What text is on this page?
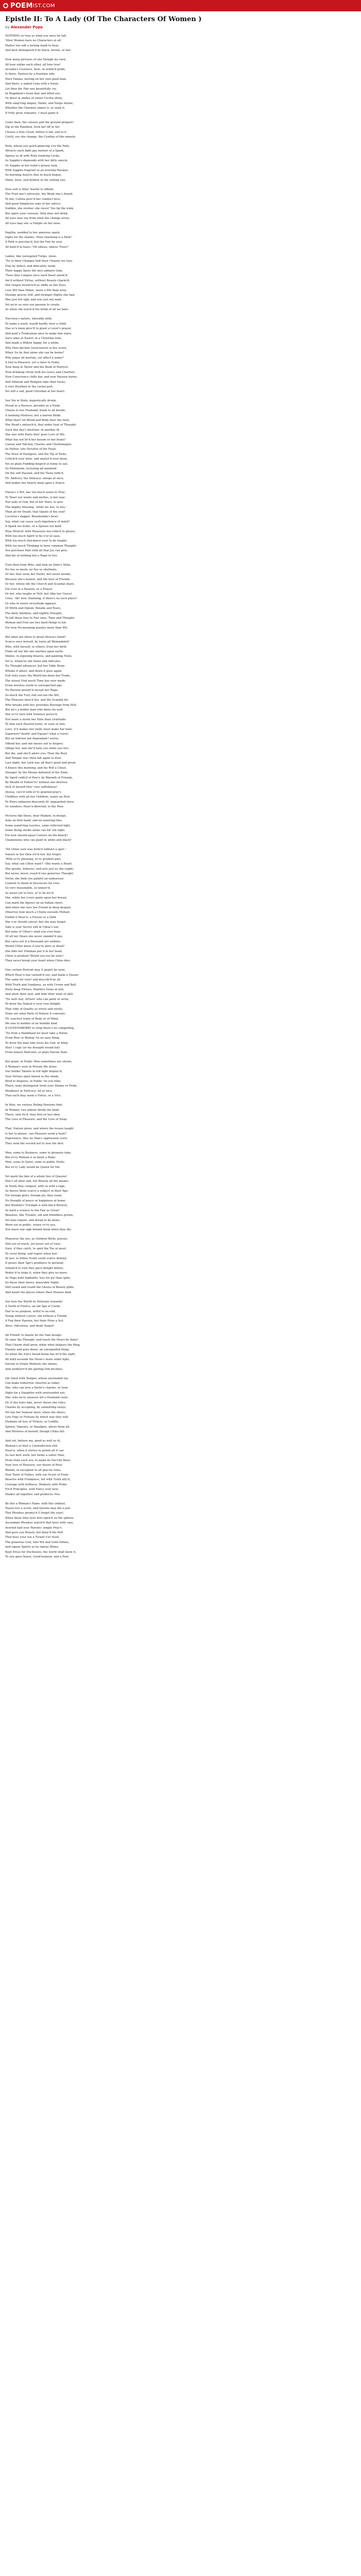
POEM IST.COM
Epistle II: To A Lady (Of The Characters Of Women )

by Alexander Pope

NOTHING so true as what you once let fall,
'Most Women have no Characters at all.'
Matter too soft a lasting mark to bear,
And best distinguish'd by black, brown, or fair.

How many pictures of one Nymph we view,
All how unlike each other, all how true!
Arcadia's Countess, here, in ermin'd pride,
Is there, Pastora by a fountain side.
Here Fannia, leering on her own good man,
And there, a naked Leda with a Swan.
Let then the Fair one beautifully cry,
In Magdalen's loose hair and lifted eye,
Or drest in smiles of sweet Cecilia shine,
With simp'ring Angels, Palms, and Harps divine;
Whether the Charmer sinner it, or saint it,
If Folly grow romantic, I must paint it.

Come then, the colours and the ground prepare!
Dip in the Rainbow, trick her off in Air;
Choose a firm Cloud, before it fall, and in it
Catch, ere she change, the Cynthia of this minute.

Rufa, whose eye quick-glancing o'er the Park,
Attracts each light gay meteor of a Spark,
Agrees as ill with Rufa studying Locke,
As Sappho's diamonds with her dirty smock;
Or Sappho at her toilet's greasy task,
With Sappho fragrant at an evening Masque:
So morning Insects that in muck begun,
Shine, buzz, and flyblow in the setting sun.

How soft is Silia! fearful to offend;
The Frail one's advocate, the Weak one's friend:
To her, Calista prov'd her conduct nice;
And good Simplicius asks of her advice.
Sudden, she storms! she raves! You tip the wink,
But spare your censure; Silia does not drink.
All eyes may see from what the change arose,
All eyes may see--a Pimple on her nose.

Papillia, wedded to her amorous spark,
Sighs for the shades--'How charming is a Park!'
A Park is purchas'd, but the Fair he sees
All bath'd in tears--'Oh odious, odious Trees!'

Ladies, like variegated Tulips, show;
'Tis to their Changes half their Charms we owe;
Fine by defect, and delicately weak,
Their happy Spots the nice admirer take,
'Twas thus Calypso once each heart alarm'd,
Aw'd without Virtue, without Beauty charm'd;
Her tongue bewitch'd as oddly as her Eyes,
Less Wit than Mimic, more a Wit than wise;
Strange graces still, and stranger flights she had,
Was just not ugly, and was just not mad;
Yet ne'er so sure our passion to create,
As when she touch'd the brink of all we hate.

Narcissa's nature, tolerably mild,
To make a wash, would hardly stew a child;
Has ev'n been prov'd to grant a Lover's prayer,
And paid a Tradesman once to make him stare;
Gave alms at Easter, in a Christian trim,
And made a Widow happy, for a whim.
Why then declare Good-nature is her scorn,
When 'tis by that alone she can be borne?
Why pique all mortals, yet affect a name?
A fool to Pleasure, yet a slave to Fame:
Now deep in Taylor and the Book of Martyrs,
Now drinking citron with his Grace and Chartres:
Now Conscience chills her, and now Passion burns;
And Atheism and Religion take their turns;
A very Heathen in the carnal part,
Yet still a sad, good Christian at her heart.

See Sin in State, majestically drunk;
Proud as a Peeress, prouder as a Punk;
Chaste to her Husband, frank to all beside,
A teeming Mistress, but a barren Bride.
What then? let Blood and Body bear the fault,
Her Head's untouch'd, that noble Seat of Thought:
Such this day's doctrine--in another fit
She sins with Poets thro' pure Love of Wit.
What has not fir'd her bosom or her brain?
Caesar and Tall-boy, Charles and Charlemagne.
As Helluo, late Dictator of the Feast,
The Nose of Hautgout, and the Tip of Taste,
Critick'd your wine, and analyz'd your meat,
Yet on plain Pudding deign'd at home to eat;
So Philomede, lecturing all mankind
On the soft Passion, and the Taste refin'd,
Th' Address, the Delicacy--stoops at once,
And makes her hearty meal upon a Dunce.

Flavia's a Wit, has too much sense to Pray;
To Toast our wants and wishes, is her way;
Nor asks of God, but of her Stars, to give
The mighty blessing, 'while we live, to live.'
Then all for Death, that Opiate of the soul!
Lucretia's dagger, Rosamonda's bowl.
Say, what can cause such impotence of mind?
A Spark too fickle, or a Spouse too kind.
Wise Wretch! with Pleasures too refin'd to please,
With too much Spirit to be e'er at ease,
With too much Quickness ever to be taught,
With too much Thinking to have common Thought:
You purchase Pain with all that Joy can give,
And die of nothing but a Rage to live.

Turn then from Wits; and look on Simo's Mate,
No Ass so meek, no Ass so obstinate.
Or her, that owns her Faults, but never mends,
Because she's honest, and the best of Friends.
Or her, whose life the Church and Scandal share,
For ever in a Passion, or a Prayer.
Or her, who laughs at Hell, but (like her Grace)
Cries, 'Ah! how charming, if there's no such place!'
Or who in sweet vicissitude appears
Of Mirth and Opium, Ratafie and Tears,
The daily Anodyne, and nightly Draught,
To kill those foes to Fair ones, Time and Thought.
Woman and Fool are two hard things to hit;
For true No-meaning puzzles more than Wit.

But what are these to great Atossa's mind?
Scarce once herself, by turns all Womankind!
Who, with herself, or others, from her birth
Finds all her life one warfare upon earth:
Shines, in exposing Knaves, and painting Fools,
Yet is, whate'er she hates and ridicules.
No Thought advances, but her Eddy Brain
Whisks it about, and down it goes again.
Full sixty years the World has been her Trade,
The wisest Fool much Time has ever made.
From loveless youth to unrespected age,
No Passion gratify'd except her Rage.
So much the Fury still out-ran the Wit,
The Pleasure miss'd her, and the Scandal hit.
Who breaks with her, provokes Revenge from Hell,
But he's a bolder man who dares be well.
Her ev'ry turn with Violence pursu'd,
Nor more a storm her Hate than Gratitude:
To that each Passion turns, or soon or late;
Love, if it makes her yield, must make her hate:
Superiors? death! and Equals? what a curse!
But an Inferior not dependant? worse.
Offend her, and she knows not to forgive;
Oblige her, and she'll hate you while you live:
But die, and she'll adore you--Then the Bust
And Temple rise--then fall again to dust.
Last night, her Lord was all that's good and great;
A Knave this morning, and his Will a Cheat.
Strange! by the Means defeated of the Ends,
By Spirit robb'd of Pow'r, by Warmth of Friends,
By Wealth of Follow'rs! without one distress
Sick of herself thro' very selfishness!
Atossa, curs'd with ev'ry granted pray'r,
Childless with all her Children, wants an Heir.
To Heirs unknown descends th' unguarded store,
Or wanders, Heav'n-directed, to the Poor.

Pictures like these, dear Madam, to design,
Asks no firm hand, and no unerring line;
Some wand'ring touches, some reflected light,
Some flying stroke alone can hit 'em right:
For how should equal Colours do the knack?
Chameleons who can paint in white and black?

'Yet Chloe sure was form'd without a spot--'
Nature in her then err'd not, but forgot.
'With ev'ry pleasing, ev'ry prudent part,
Say, what can Chloe want?'--She wants a Heart.
She speaks, behaves, and acts just as she ought;
But never, never, reach'd one generous Thought.
Virtue she finds too painful an endeavour,
Content to dwell in Decencies for ever.
So very reasonable, so unmov'd,
As never yet to love, or to be lov'd.
She, while her Lover pants upon her breast,
Can mark the figures on an Indian chest;
And when she sees her Friend in deep despair,
Observes how much a Chintz exceeds Mohair.
Forbid it Heav'n, a Favour or a Debt
She e'er should cancel--but she may forget.
Safe is your Secret still in Chloe's ear;
But none of Chloe's shall you ever hear.
Of all her Dears she never slander'd one,
But cares not if a thousand are undone.
Would Chloe know if you're alive or dead?
She bids her Footman put it in her head.
Chloe is prudent--Would you too be wise?
Then never break your heart when Chloe dies.

One certain Portrait may (I grant) be seen,
Which Heav'n has varnish'd out, and made a Queen:
The same for ever! and describ'd by all
With Truth and Goodness, as with Crown and Ball.
Poets heap Virtues, Painters Gems at will,
And show their zeal, and hide their want of skill.
'Tis well--but, Artists! who can paint or write,
To draw the Naked is your true delight.
That robe of Quality so struts and swells,
None see what Parts of Nature it conceals:
Th' exactest traits of Body or of Mind,
We owe to models of an humble kind.
If QUEENSBERRY to strip there's no compelling,
'Tis from a Handmaid we must take a Helen.
From Peer or Bishop 'tis no easy thing
To draw the man who loves his God, or King:
Alas! I copy (or my draught would fail)
From honest Mah'met, or plain Parson Hale.

But grant, in Public Men sometimes are shown,
A Woman's seen in Private life alone:
Our bolder Talents in full light display'd;
Your Virtues open fairest in the shade.
Bred to disguise, in Public 'tis you hide;
There, none distinguish twixt your Shame or Pride,
Weakness or Delicacy; all so nice,
That each may seem a Virtue, or a Vice.

In Men, we various Ruling Passions find;
In Women, two almost divide the kind;
Those, only fix'd, they first or last obey,
The Love of Pleasure, and the Love of Sway.

That, Nature gives; and where the lesson taught
Is but to please, can Pleasure seem a fault?
Experience, this; by Man's oppression curst,
They seek the second not to lose the first.

Men, some to Business, some to pleasure take;
But ev'ry Woman is at heart a Rake:
Men, some to Quiet, some to public Strife;
But ev'ry Lady would be Queen for life.

Yet mark the fate of a whole Sex of Queens!
Pow'r all their end, but Beauty all the means:
In Youth they conquer, with so wild a rage,
As leaves them scarce a subject in their Age:
For foreign glory, foreign joy, they roam;
No thought of peace or happiness at home.
But Wisdom's Triumph is well-tim'd Retreat,
As hard a science to the Fair as Great!
Beauties, like Tyrants, old and friendless grown,
Yet hate repose, and dread to be alone,
Worn out in public, weary ev'ry eye,
Nor leave one sigh behind them when they die.

Pleasures the sex, as children Birds, pursue,
Still out of reach, yet never out of view;
Sure, if they catch, to spoil the Toy at most,
To covet flying, and regret when lost:
At last, to follies Youth could scarce defend,
It grows their Age's prudence to pretend;
Asham'd to own they gave delight before,
Reduc'd to feign it, when they give no more:
As Hags hold Sabbaths, less for joy than spite,
So these their merry, miserable Night;
Still round and round the Ghosts of Beauty glide,
And haunt the places where their Honour died.

See how the World its Veterans rewards!
A Youth of Frolics, an old Age of Cards;
Fair to no purpose, artful to no end,
Young without Lovers, old without a Friend;
A Fop their Passion, but their Prize a Sot;
Alive, ridiculous, and dead, forgot!

Ah Friend! to dazzle let the Vain design;
To raise the Thought, and touch the Heart be thine!
That Charm shall grow, while what fatigues the Ring,
Flaunts and goes down, an unregarded thing:
So when the Sun's broad beam has tir'd the sight,
All mild ascends the Moon's more sober light,
Serene in Virgin Modesty she shines,
And unobserv'd the glaring Orb declines.

Oh! blest with Temper, whose unclouded ray
Can make tomorrow cheerful as today;
She, who can love a Sister's charms, or hear
Sighs for a Daughter with unwounded ear;
She, who ne'er answers till a Husband cools,
Or, if she rules him, never shows she rules;
Charms by accepting, by submitting sways,
Yet has her humour most, when she obeys;
Lets Fops or Fortune fly which way they will;
Disdains all loss of Tickets, or Codille;
Spleen, Vapours, or Smallpox, above them all,
And Mistress of herself, though China fall.

And yet, believe me, good as well as ill,
Woman's at best a Contradiction still.
Heav'n, when it strives to polish all it can
Its last best work, but forms a softer Man;
Picks from each sex, to make its Fav'rite blest,
Your love of Pleasure, our desire of Rest:
Blends, in exception to all gen'ral rules,
Your Taste of Follies, with our Scorn of Fools:
Reserve with Frankness, Art with Truth ally'd,
Courage with Softness, Modesty with Pride;
Fix'd Principles, with Fancy ever new;
Shakes all together, and produces--You.

Be this a Woman's Fame: with this unblest,
Toasts live a scorn, and Queens may die a jest.
This Phoebus promis'd (I forget the year)
When those blue eyes first open'd on the sphere;
Ascendant Phoebus watch'd that hour with care,
Averted half your Parents' simple Pray'r;
And gave you Beauty, but deny'd the Pelf
That buys your sex a Tyrant o'er itself.
The generous God, who Wit and Gold refines,
And ripens Spirits as he ripens Mines,
Kept Dross for Duchesses, the world shall know it,
To you gave Sense, Good-humour, and a Poet.
